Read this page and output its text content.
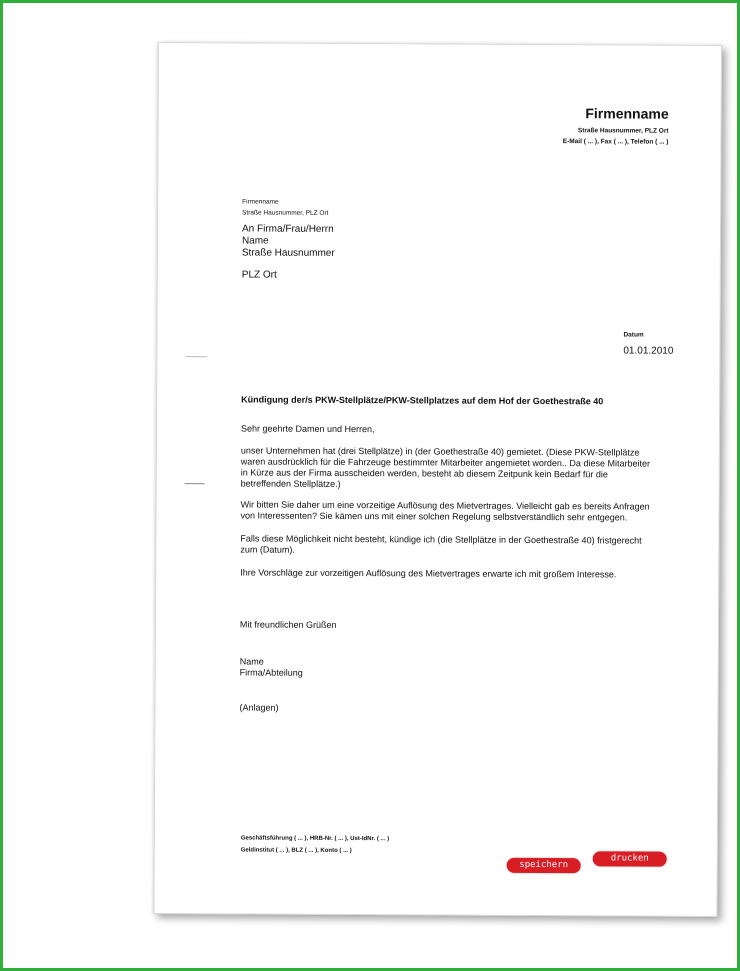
Firmenname
Straße Hausnummer, PLZ Ort
E-Mail ( ... ), Fax ( ... ), Telefon ( ... )
Firmenname
Straße Hausnummer, PLZ Ort
An Firma/Frau/Herrn
Name
Straße Hausnummer
PLZ Ort
Datum
01.01.2010
Kündigung der/s PKW-Stellplätze/PKW-Stellplatzes auf dem Hof der Goethestraße 40
Sehr geehrte Damen und Herren,
unser Unternehmen hat (drei Stellplätze) in (der Goethestraße 40) gemietet. (Diese PKW-Stellplätze
waren ausdrücklich für die Fahrzeuge bestimmter Mitarbeiter angemietet worden.. Da diese Mitarbeiter
in Kürze aus der Firma ausscheiden werden, besteht ab diesem Zeitpunk kein Bedarf für die
betreffenden Stellplätze.)
Wir bitten Sie daher um eine vorzeitige Auflösung des Mietvertrages. Vielleicht gab es bereits Anfragen
von Interessenten? Sie kämen uns mit einer solchen Regelung selbstverständlich sehr entgegen.
Falls diese Möglichkeit nicht besteht, kündige ich (die Stellplätze in der Goethestraße 40) fristgerecht
zum (Datum).
Ihre Vorschläge zur vorzeitigen Auflösung des Mietvertrages erwarte ich mit großem Interesse.
Mit freundlichen Grüßen
Name
Firma/Abteilung
(Anlagen)
Geschäftsführung ( ... ), HRB-Nr. ( ... ), Ust-IdNr. ( ... )
Geldinstitut ( ... ), BLZ ( ... ), Konto ( ... )
speichern
drucken
